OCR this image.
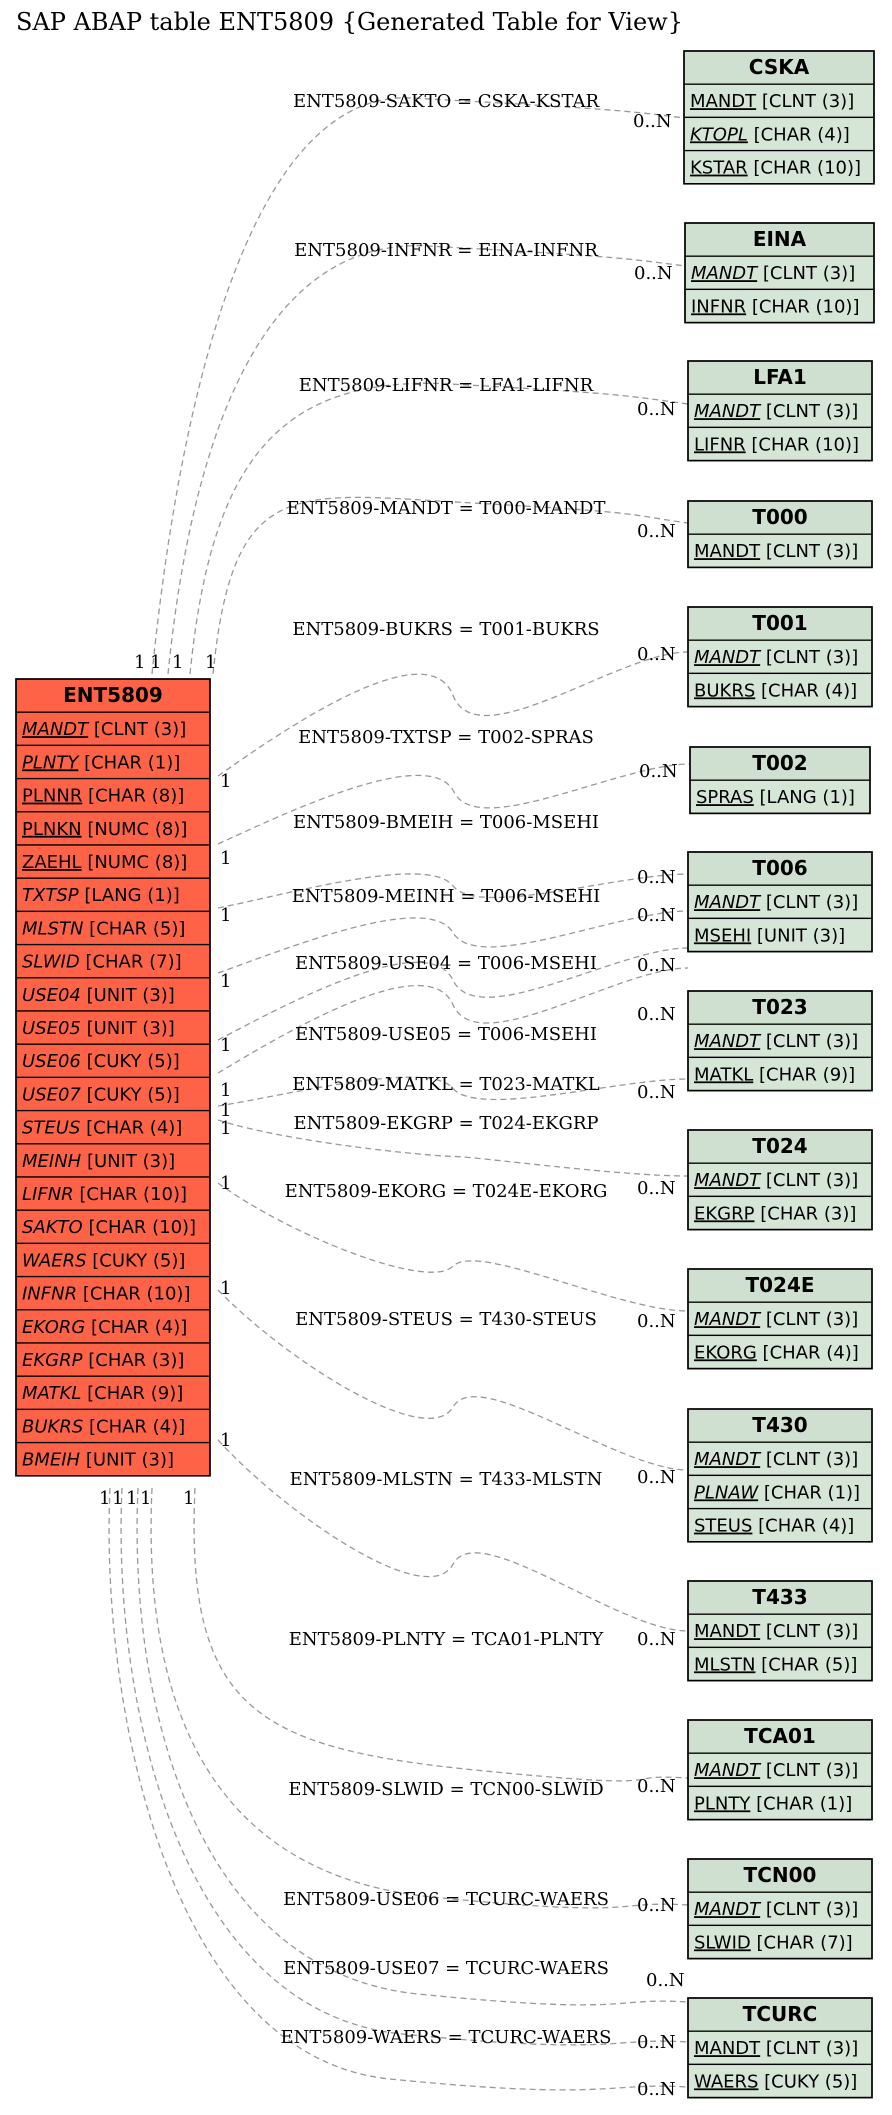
SAP ABAP table ENT5809 {Generated Table for View}
ENT5809
MANDT [CLNT (3)]
PLNTY [CHAR (1)]
PLNNR [CHAR (8)]
PLNKN [NUMC (8)]
ZAEHL [NUMC (8)]
TXTSP [LANG (1)]
MLSTN [CHAR (5)]
SLWID [CHAR (7)]
USE04 [UNIT (3)]
USE05 [UNIT (3)]
USE06 [CUKY (5)]
USE07 [CUKY (5)]
STEUS [CHAR (4)]
MEINH [UNIT (3)]
LIFNR [CHAR (10)]
SAKTO [CHAR (10)]
WAERS [CUKY (5)]
INFNR [CHAR (10)]
EKORG [CHAR (4)]
EKGRP [CHAR (3)]
MATKL [CHAR (9)]
BUKRS [CHAR (4)]
BMEIH [UNIT (3)]
CSKA
MANDT [CLNT (3)]
KTOPL [CHAR (4)]
KSTAR [CHAR (10)]
EINA
MANDT [CLNT (3)]
INFNR [CHAR (10)]
LFA1
MANDT [CLNT (3)]
LIFNR [CHAR (10)]
T000
MANDT [CLNT (3)]
T001
MANDT [CLNT (3)]
BUKRS [CHAR (4)]
T002
SPRAS [LANG (1)]
T006
MANDT [CLNT (3)]
MSEHI [UNIT (3)]
T023
MANDT [CLNT (3)]
MATKL [CHAR (9)]
T024
MANDT [CLNT (3)]
EKGRP [CHAR (3)]
T024E
MANDT [CLNT (3)]
EKORG [CHAR (4)]
T430
MANDT [CLNT (3)]
PLNAW [CHAR (1)]
STEUS [CHAR (4)]
T433
MANDT [CLNT (3)]
MLSTN [CHAR (5)]
TCA01
MANDT [CLNT (3)]
PLNTY [CHAR (1)]
TCN00
MANDT [CLNT (3)]
SLWID [CHAR (7)]
TCURC
MANDT [CLNT (3)]
WAERS [CUKY (5)]
ENT5809-SAKTO = CSKA-KSTAR
1
0..N
ENT5809-INFNR = EINA-INFNR
1
0..N
ENT5809-LIFNR = LFA1-LIFNR
1
0..N
ENT5809-MANDT = T000-MANDT
1
0..N
ENT5809-BUKRS = T001-BUKRS
1
0..N
ENT5809-TXTSP = T002-SPRAS
1
0..N
ENT5809-BMEIH = T006-MSEHI
1
0..N
ENT5809-MEINH = T006-MSEHI
1
0..N
ENT5809-USE04 = T006-MSEHI
1
0..N
ENT5809-USE05 = T006-MSEHI
1
0..N
ENT5809-MATKL = T023-MATKL
1
0..N
ENT5809-EKGRP = T024-EKGRP
1
0..N
ENT5809-EKORG = T024E-EKORG
1
0..N
ENT5809-STEUS = T430-STEUS
1
0..N
ENT5809-MLSTN = T433-MLSTN
1
0..N
ENT5809-PLNTY = TCA01-PLNTY
1
0..N
ENT5809-SLWID = TCN00-SLWID
1
0..N
ENT5809-USE06 = TCURC-WAERS
1
0..N
ENT5809-USE07 = TCURC-WAERS
1
0..N
ENT5809-WAERS = TCURC-WAERS
1
0..N
